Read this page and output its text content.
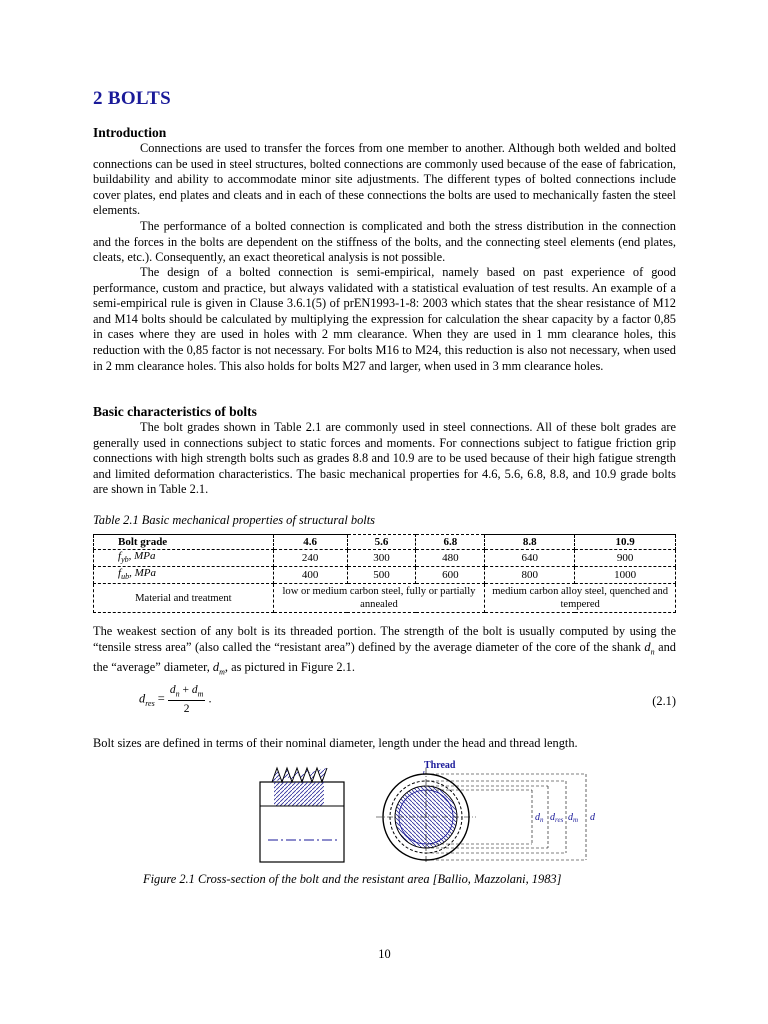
2 BOLTS
Introduction

Connections are used to transfer the forces from one member to another. Although both welded and bolted connections can be used in steel structures, bolted connections are commonly used because of the ease of fabrication, buildability and ability to accommodate minor site adjustments. The different types of bolted connections include cover plates, end plates and cleats and in each of these connections the bolts are used to mechanically fasten the steel elements.

The performance of a bolted connection is complicated and both the stress distribution in the connection and the forces in the bolts are dependent on the stiffness of the bolts, and the connecting steel elements (end plates, cleats, etc.). Consequently, an exact theoretical analysis is not possible.

The design of a bolted connection is semi-empirical, namely based on past experience of good performance, custom and practice, but always validated with a statistical evaluation of test results. An example of a semi-empirical rule is given in Clause 3.6.1(5) of prEN1993-1-8: 2003 which states that the shear resistance of M12 and M14 bolts should be calculated by multiplying the expression for calculation the shear capacity by a factor 0,85 in cases where they are used in holes with 2 mm clearance. When they are used in 1 mm clearance holes, this reduction with the 0,85 factor is not necessary. For bolts M16 to M24, this reduction is also not necessary, when used in 2 mm clearance holes. This also holds for bolts M27 and larger, when used in 3 mm clearance holes.

Basic characteristics of bolts

The bolt grades shown in Table 2.1 are commonly used in steel connections. All of these bolt grades are generally used in connections subject to static forces and moments. For connections subject to fatigue friction grip connections with high strength bolts such as grades 8.8 and 10.9 are to be used because of their high fatigue strength and limited deformation characteristics. The basic mechanical properties for 4.6, 5.6, 6.8, 8.8, and 10.9 grade bolts are shown in Table 2.1.

Table 2.1 Basic mechanical properties of structural bolts

Bolt grade	4.6	5.6	6.8	8.8	10.9
$f_{yb}$, MPa	240	300	480	640	900
$f_{ub}$, MPa	400	500	600	800	1000
Material and treatment	low or medium carbon steel, fully or partially annealed			medium carbon alloy steel, quenched and tempered	

The weakest section of any bolt is its threaded portion. The strength of the bolt is usually computed by using the “tensile stress area” (also called the “resistant area”) defined by the average diameter of the core of the shank $d_n$ and the “average” diameter, $d_m$, as pictured in Figure 2.1.

$d_{res} = \frac{d_n + d_m}{2}$ .	(2.1)

Bolt sizes are defined in terms of their nominal diameter, length under the head and thread length.

Thread
$d_n$ $d_{res}$ $d_m$ d

Figure 2.1 Cross-section of the bolt and the resistant area [Ballio, Mazzolani, 1983]

10
